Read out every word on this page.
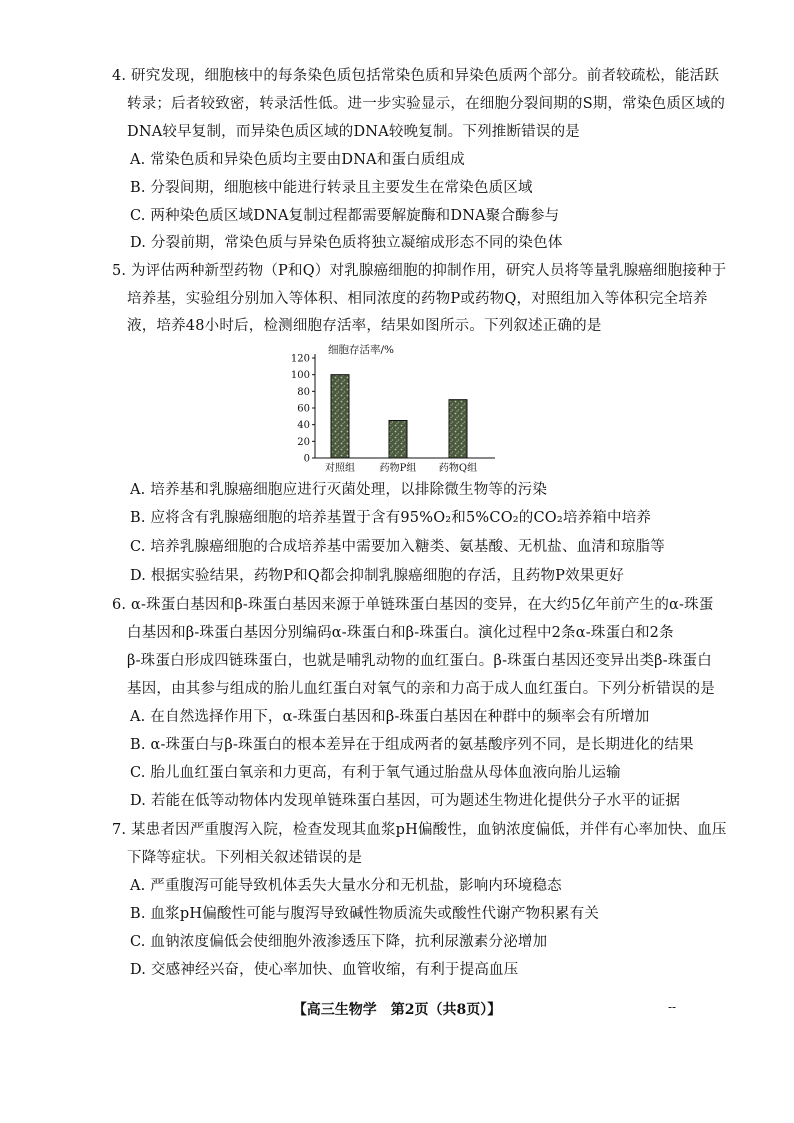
4. 研究发现，细胞核中的每条染色质包括常染色质和异染色质两个部分。前者较疏松，能活跃
转录；后者较致密，转录活性低。进一步实验显示，在细胞分裂间期的S期，常染色质区域的
DNA较早复制，而异染色质区域的DNA较晚复制。下列推断错误的是
A. 常染色质和异染色质均主要由DNA和蛋白质组成
B. 分裂间期，细胞核中能进行转录且主要发生在常染色质区域
C. 两种染色质区域DNA复制过程都需要解旋酶和DNA聚合酶参与
D. 分裂前期，常染色质与异染色质将独立凝缩成形态不同的染色体
5. 为评估两种新型药物（P和Q）对乳腺癌细胞的抑制作用，研究人员将等量乳腺癌细胞接种于
培养基，实验组分别加入等体积、相同浓度的药物P或药物Q，对照组加入等体积完全培养
液，培养48小时后，检测细胞存活率，结果如图所示。下列叙述正确的是
细胞存活率/%
0
20
40
60
80
100
120
对照组 药物P组 药物Q组
A. 培养基和乳腺癌细胞应进行灭菌处理，以排除微生物等的污染
B. 应将含有乳腺癌细胞的培养基置于含有95%O₂和5%CO₂的CO₂培养箱中培养
C. 培养乳腺癌细胞的合成培养基中需要加入糖类、氨基酸、无机盐、血清和琼脂等
D. 根据实验结果，药物P和Q都会抑制乳腺癌细胞的存活，且药物P效果更好
6. α-珠蛋白基因和β-珠蛋白基因来源于单链珠蛋白基因的变异，在大约5亿年前产生的α-珠蛋
白基因和β-珠蛋白基因分别编码α-珠蛋白和β-珠蛋白。演化过程中2条α-珠蛋白和2条
β-珠蛋白形成四链珠蛋白，也就是哺乳动物的血红蛋白。β-珠蛋白基因还变异出类β-珠蛋白
基因，由其参与组成的胎儿血红蛋白对氧气的亲和力高于成人血红蛋白。下列分析错误的是
A. 在自然选择作用下，α-珠蛋白基因和β-珠蛋白基因在种群中的频率会有所增加
B. α-珠蛋白与β-珠蛋白的根本差异在于组成两者的氨基酸序列不同，是长期进化的结果
C. 胎儿血红蛋白氧亲和力更高，有利于氧气通过胎盘从母体血液向胎儿运输
D. 若能在低等动物体内发现单链珠蛋白基因，可为题述生物进化提供分子水平的证据
7. 某患者因严重腹泻入院，检查发现其血浆pH偏酸性，血钠浓度偏低，并伴有心率加快、血压
下降等症状。下列相关叙述错误的是
A. 严重腹泻可能导致机体丢失大量水分和无机盐，影响内环境稳态
B. 血浆pH偏酸性可能与腹泻导致碱性物质流失或酸性代谢产物积累有关
C. 血钠浓度偏低会使细胞外液渗透压下降，抗利尿激素分泌增加
D. 交感神经兴奋，使心率加快、血管收缩，有利于提高血压
【高三生物学　第2页（共8页）】	--
